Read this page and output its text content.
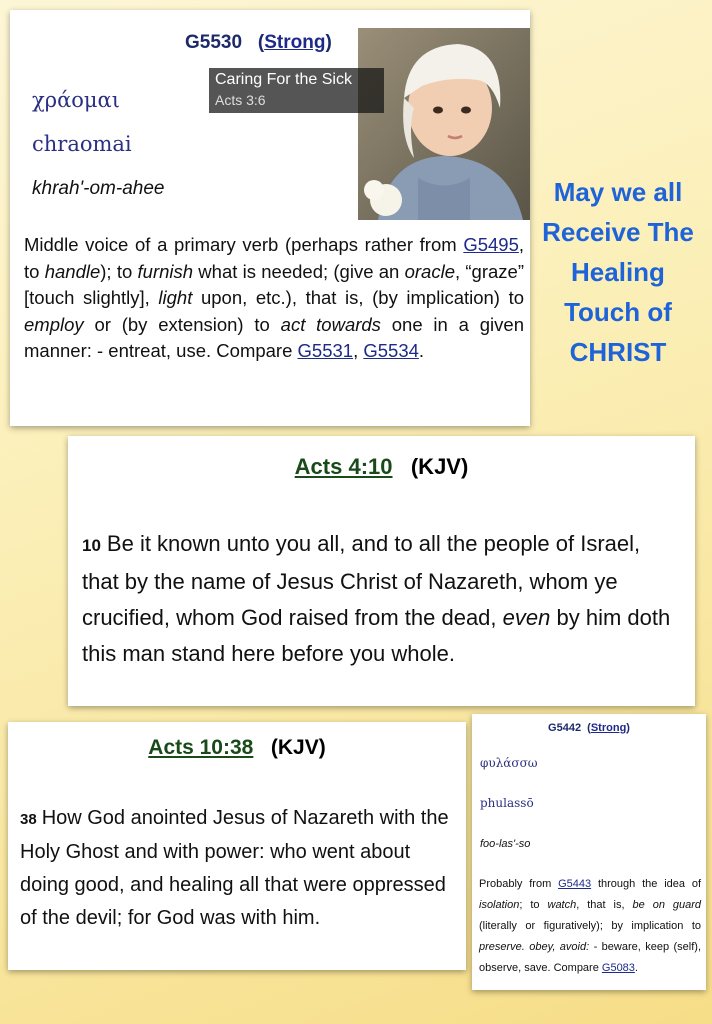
G5530   (Strong)
χράομαι
chraomai
khrah'-om-ahee
Middle voice of a primary verb (perhaps rather from G5495, to handle); to furnish what is needed; (give an oracle, “graze” [touch slightly], light upon, etc.), that is, (by implication) to employ or (by extension) to act towards one in a given manner: - entreat, use. Compare G5531, G5534.
Caring For the Sick
Acts 3:6
May we all
Receive The
Healing
Touch of
CHRIST
Acts 4:10 (KJV)
10 Be it known unto you all, and to all the people of Israel, that by the name of Jesus Christ of Nazareth, whom ye crucified, whom God raised from the dead, even by him doth this man stand here before you whole.
Acts 10:38 (KJV)
38 How God anointed Jesus of Nazareth with the Holy Ghost and with power: who went about doing good, and healing all that were oppressed of the devil; for God was with him.
G5442  (Strong)
φυλάσσω
phulassō
foo-las'-so
Probably from G5443 through the idea of isolation; to watch, that is, be on guard (literally or figuratively); by implication to preserve. obey, avoid: - beware, keep (self), observe, save. Compare G5083.
